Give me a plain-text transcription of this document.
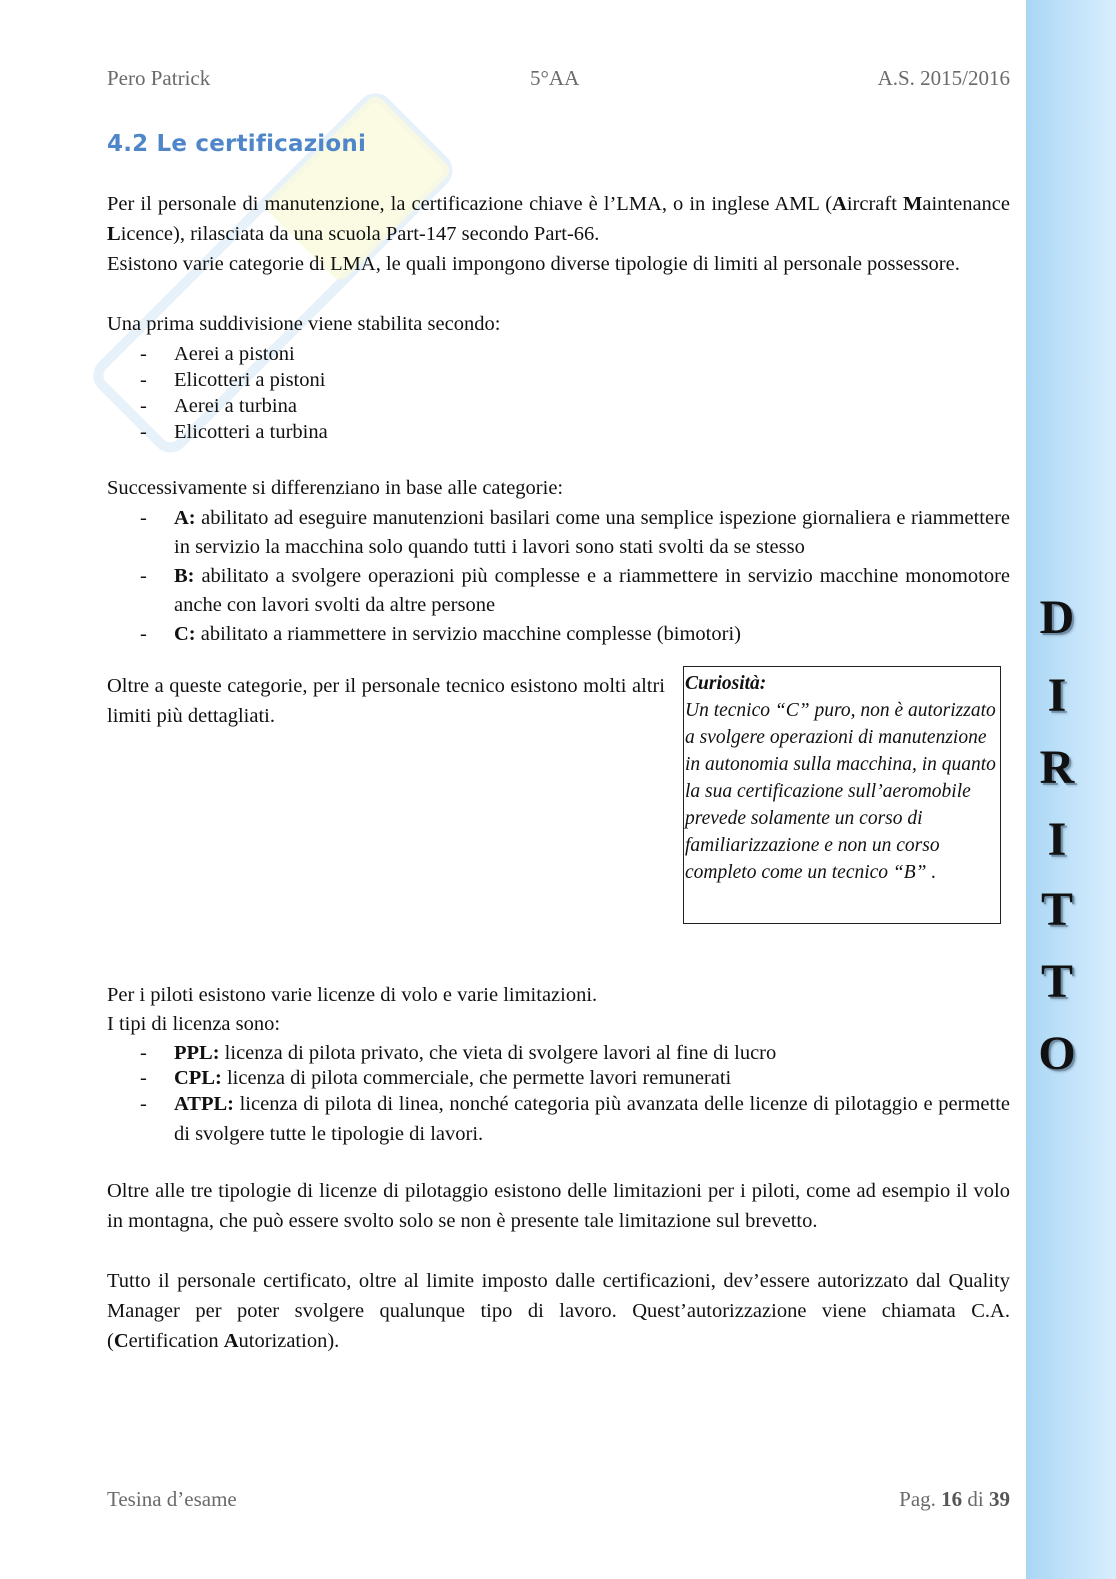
D
I
R
I
T
T
O
Pero Patrick	5°AA	A.S. 2015/2016
4.2 Le certificazioni

Per il personale di manutenzione, la certificazione chiave è l’LMA, o in inglese AML (Aircraft Maintenance Licence), rilasciata da una scuola Part-147 secondo Part-66.

Esistono varie categorie di LMA, le quali impongono diverse tipologie di limiti al personale possessore.

Una prima suddivisione viene stabilita secondo:

- Aerei a pistoni
- Elicotteri a pistoni
- Aerei a turbina
- Elicotteri a turbina

Successivamente si differenziano in base alle categorie:

- A: abilitato ad eseguire manutenzioni basilari come una semplice ispezione giornaliera e riammettere in servizio la macchina solo quando tutti i lavori sono stati svolti da se stesso
- B: abilitato a svolgere operazioni più complesse e a riammettere in servizio macchine monomotore anche con lavori svolti da altre persone
- C: abilitato a riammettere in servizio macchine complesse (bimotori)

Oltre a queste categorie, per il personale tecnico esistono molti altri limiti più dettagliati.

Curiosità:
Un tecnico “C” puro, non è autorizzato a svolgere operazioni di manutenzione in autonomia sulla macchina, in quanto la sua certificazione sull’aeromobile prevede solamente un corso di familiarizzazione e non un corso completo come un tecnico “B” .

Per i piloti esistono varie licenze di volo e varie limitazioni.

I tipi di licenza sono:

- PPL: licenza di pilota privato, che vieta di svolgere lavori al fine di lucro
- CPL: licenza di pilota commerciale, che permette lavori remunerati
- ATPL: licenza di pilota di linea, nonché categoria più avanzata delle licenze di pilotaggio e permette di svolgere tutte le tipologie di lavori.

Oltre alle tre tipologie di licenze di pilotaggio esistono delle limitazioni per i piloti, come ad esempio il volo in montagna, che può essere svolto solo se non è presente tale limitazione sul brevetto.

Tutto il personale certificato, oltre al limite imposto dalle certificazioni, dev’essere autorizzato dal Quality Manager per poter svolgere qualunque tipo di lavoro. Quest’autorizzazione viene chiamata C.A. (Certification Autorization).

Tesina d’esame	Pag. 16 di 39
